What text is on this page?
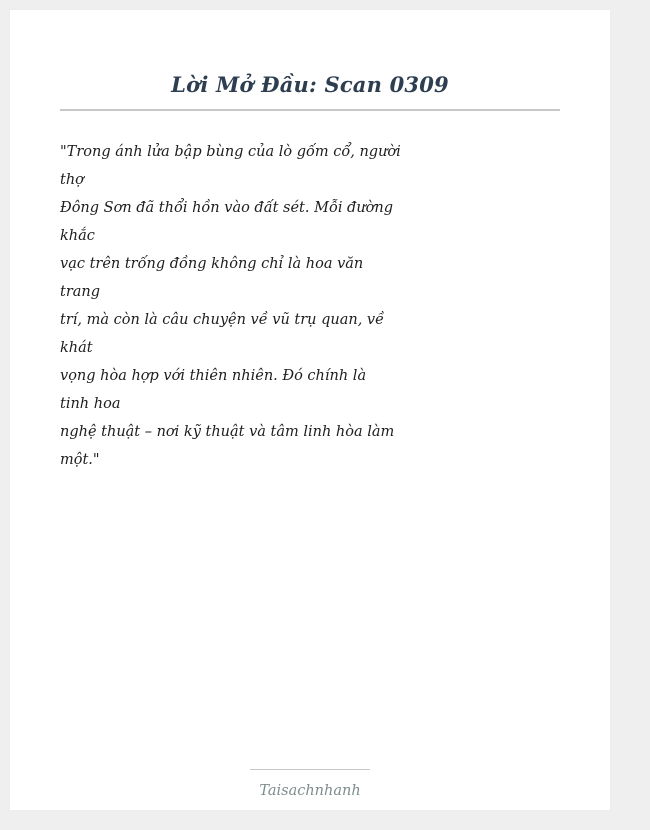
Lời Mở Đầu: Scan 0309
"Trong ánh lửa bập bùng của lò gốm cổ, người
thợ
Đông Sơn đã thổi hồn vào đất sét. Mỗi đường
khắc
vạc trên trống đồng không chỉ là hoa văn
trang
trí, mà còn là câu chuyện về vũ trụ quan, về
khát
vọng hòa hợp với thiên nhiên. Đó chính là
tinh hoa
nghệ thuật – nơi kỹ thuật và tâm linh hòa làm
một."
Taisachnhanh
